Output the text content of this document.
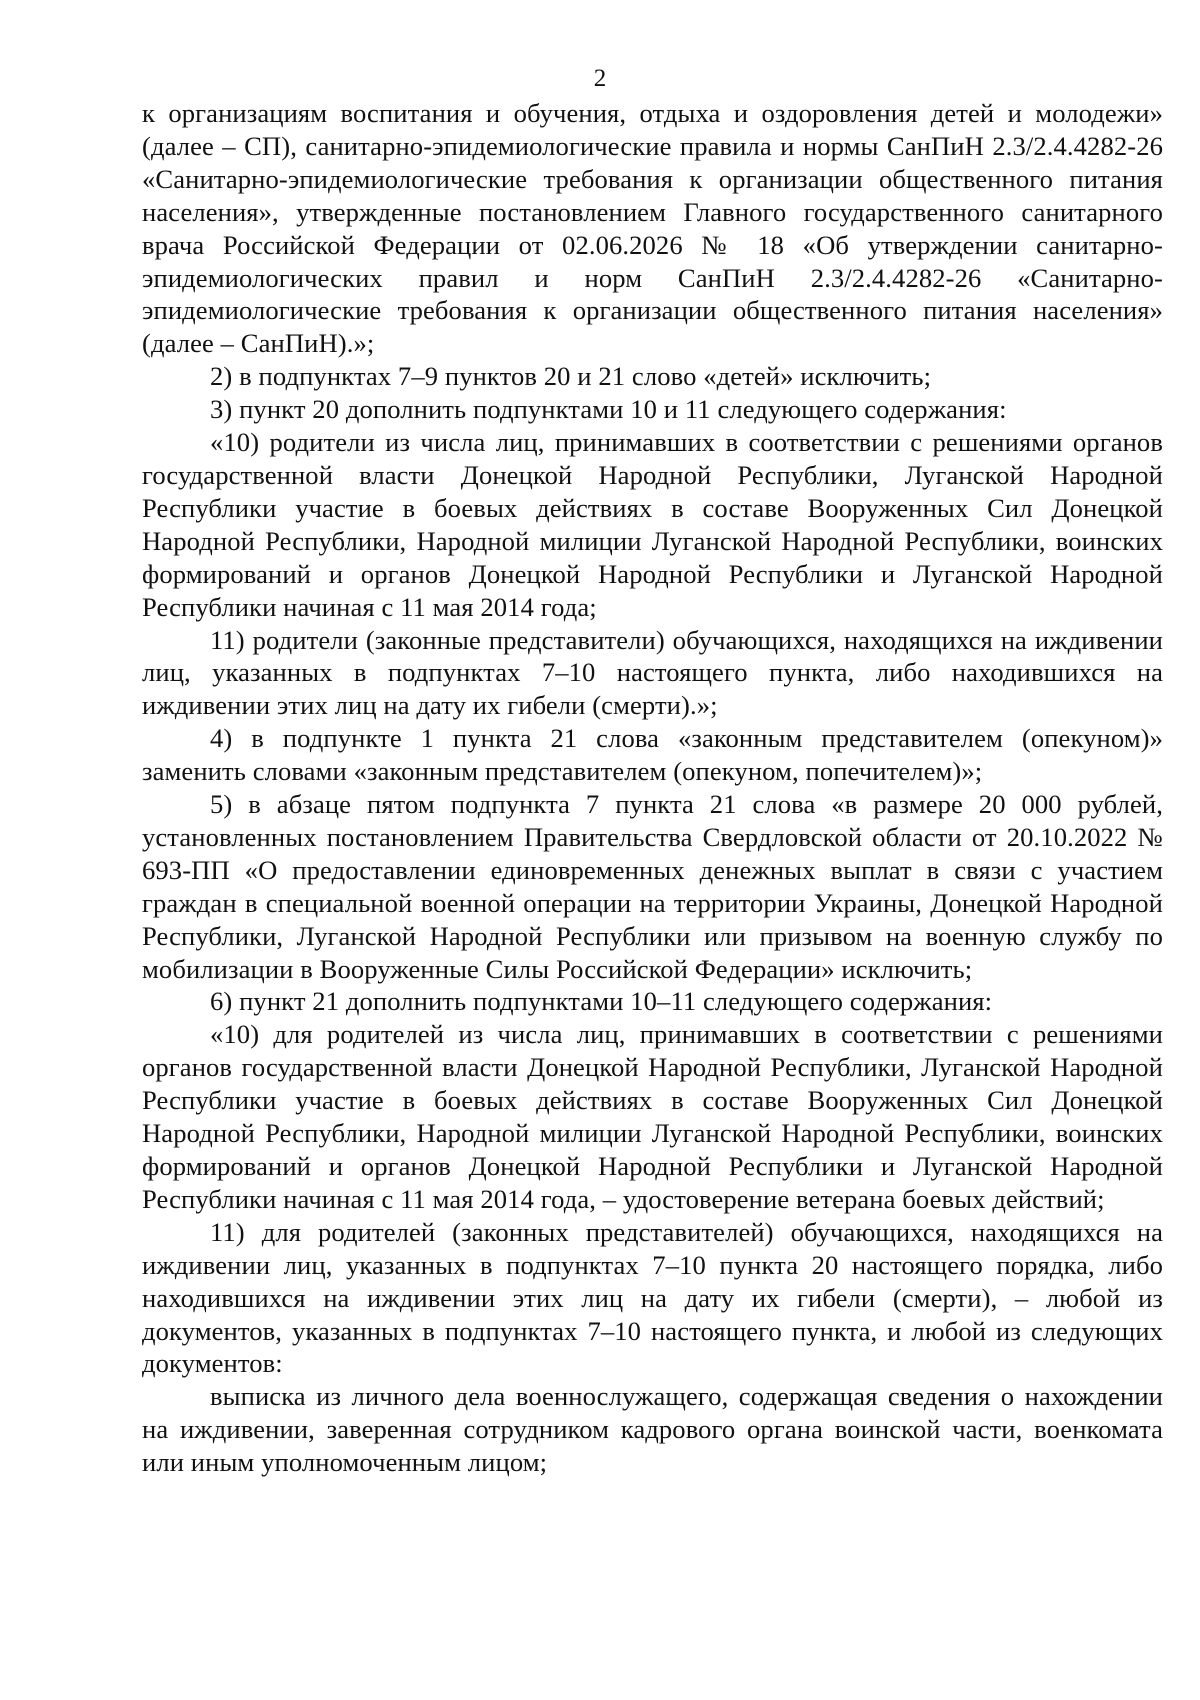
2

к организациям воспитания и обучения, отдыха и оздоровления детей и молодежи» (далее – СП), санитарно-эпидемиологические правила и нормы СанПиН 2.3/2.4.4282-26 «Санитарно-эпидемиологические требования к организации общественного питания населения», утвержденные постановлением Главного государственного санитарного врача Российской Федерации от 02.06.2026 № 18 «Об утверждении санитарно-эпидемиологических правил и норм СанПиН 2.3/2.4.4282-26 «Санитарно-эпидемиологические требования к организации общественного питания населения» (далее – СанПиН).»;

2) в подпунктах 7–9 пунктов 20 и 21 слово «детей» исключить;

3) пункт 20 дополнить подпунктами 10 и 11 следующего содержания:

«10) родители из числа лиц, принимавших в соответствии с решениями органов государственной власти Донецкой Народной Республики, Луганской Народной Республики участие в боевых действиях в составе Вооруженных Сил Донецкой Народной Республики, Народной милиции Луганской Народной Республики, воинских формирований и органов Донецкой Народной Республики и Луганской Народной Республики начиная с 11 мая 2014 года;

11) родители (законные представители) обучающихся, находящихся на иждивении лиц, указанных в подпунктах 7–10 настоящего пункта, либо находившихся на иждивении этих лиц на дату их гибели (смерти).»;

4) в подпункте 1 пункта 21 слова «законным представителем (опекуном)» заменить словами «законным представителем (опекуном, попечителем)»;

5) в абзаце пятом подпункта 7 пункта 21 слова «в размере 20 000 рублей, установленных постановлением Правительства Свердловской области от 20.10.2022 № 693-ПП «О предоставлении единовременных денежных выплат в связи с участием граждан в специальной военной операции на территории Украины, Донецкой Народной Республики, Луганской Народной Республики или призывом на военную службу по мобилизации в Вооруженные Силы Российской Федерации» исключить;

6) пункт 21 дополнить подпунктами 10–11 следующего содержания:

«10) для родителей из числа лиц, принимавших в соответствии с решениями органов государственной власти Донецкой Народной Республики, Луганской Народной Республики участие в боевых действиях в составе Вооруженных Сил Донецкой Народной Республики, Народной милиции Луганской Народной Республики, воинских формирований и органов Донецкой Народной Республики и Луганской Народной Республики начиная с 11 мая 2014 года, – удостоверение ветерана боевых действий;

11) для родителей (законных представителей) обучающихся, находящихся на иждивении лиц, указанных в подпунктах 7–10 пункта 20 настоящего порядка, либо находившихся на иждивении этих лиц на дату их гибели (смерти), – любой из документов, указанных в подпунктах 7–10 настоящего пункта, и любой из следующих документов:

выписка из личного дела военнослужащего, содержащая сведения о нахождении на иждивении, заверенная сотрудником кадрового органа воинской части, военкомата или иным уполномоченным лицом;
